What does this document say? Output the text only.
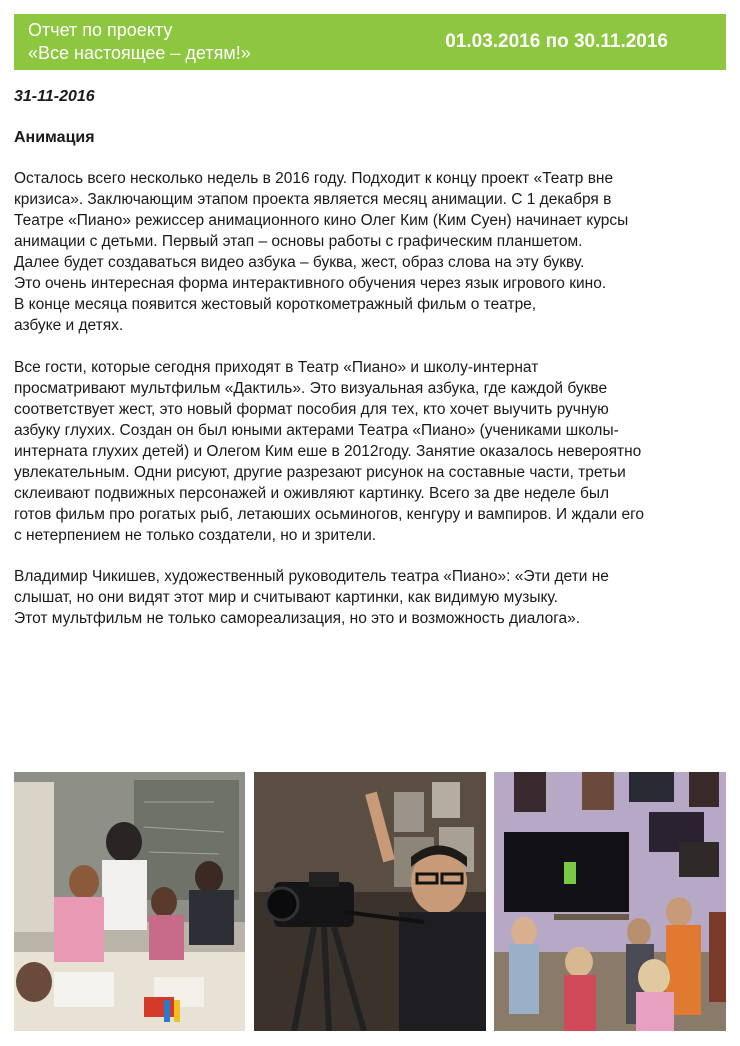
Отчет по проекту
«Все настоящее – детям!»
01.03.2016 по 30.11.2016
31-11-2016
Анимация
Осталось всего несколько недель в 2016 году. Подходит к концу проект «Театр вне
кризиса». Заключающим этапом проекта является месяц анимации. С 1 декабря в
Театре «Пиано» режиссер анимационного кино Олег Ким (Ким Суен) начинает курсы
анимации с детьми. Первый этап – основы работы с графическим планшетом.
Далее будет создаваться видео азбука – буква, жест, образ слова на эту букву.
Это очень интересная форма интерактивного обучения через язык игрового кино.
В конце месяца появится жестовый короткометражный фильм о театре,
азбуке и детях.
Все гости, которые сегодня приходят в Театр «Пиано» и школу-интернат
просматривают мультфильм «Дактиль». Это визуальная азбука, где каждой букве
соответствует жест, это новый формат пособия для тех, кто хочет выучить ручную
азбуку глухих. Создан он был юными актерами Театра «Пиано» (учениками школы-
интерната глухих детей) и Олегом Ким еше в 2012году. Занятие оказалось невероятно
увлекательным. Одни рисуют, другие разрезают рисунок на составные части, третьи
склеивают подвижных персонажей и оживляют картинку. Всего за две неделе был
готов фильм про рогатых рыб, летаюших осьминогов, кенгуру и вампиров. И ждали его
с нетерпением не только создатели, но и зрители.
Владимир Чикишев, художественный руководитель театра «Пиано»: «Эти дети не
слышат, но они видят этот мир и считывают картинки, как видимую музыку.
Этот мультфильм не только самореализация, но это и возможность диалога».
